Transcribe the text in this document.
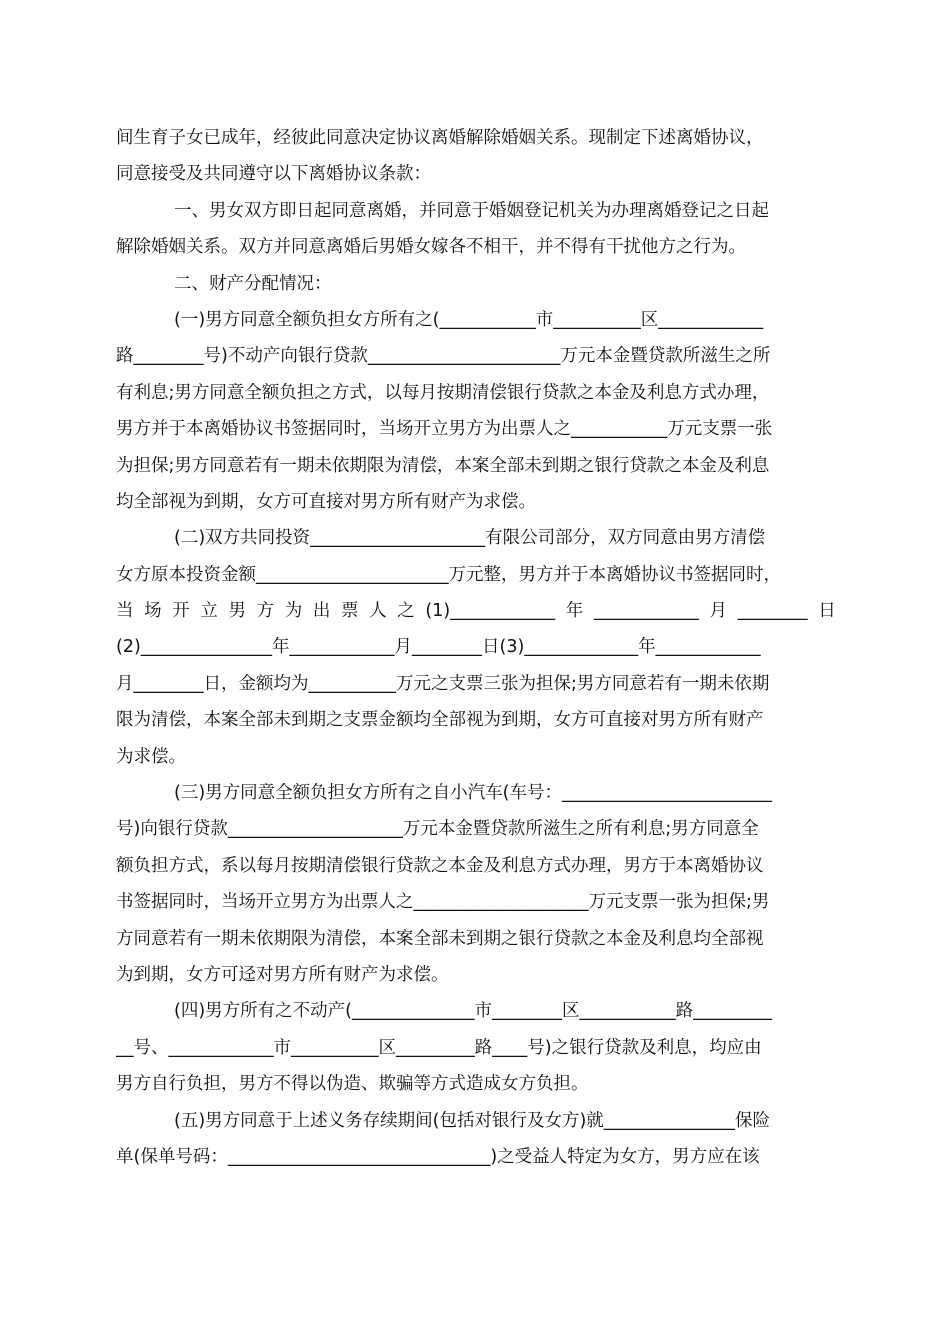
间生育子女已成年，经彼此同意决定协议离婚解除婚姻关系。现制定下述离婚协议，
同意接受及共同遵守以下离婚协议条款：
一、男女双方即日起同意离婚，并同意于婚姻登记机关为办理离婚登记之日起
解除婚姻关系。双方并同意离婚后男婚女嫁各不相干，并不得有干扰他方之行为。
二、财产分配情况：
(一)男方同意全额负担女方所有之(___________市__________区____________
路________号)不动产向银行贷款______________________万元本金暨贷款所滋生之所
有利息;男方同意全额负担之方式，以每月按期清偿银行贷款之本金及利息方式办理，
男方并于本离婚协议书签据同时，当场开立男方为出票人之___________万元支票一张
为担保;男方同意若有一期未依期限为清偿，本案全部未到期之银行贷款之本金及利息
均全部视为到期，女方可直接对男方所有财产为求偿。
(二)双方共同投资____________________有限公司部分，双方同意由男方清偿
女方原本投资金额______________________万元整，男方并于本离婚协议书签据同时，
当 场 开 立 男 方 为 出 票 人 之 (1)____________ 年 ____________ 月 ________ 日
(2)_______________年____________月________日(3)_____________年____________
月________日，金额均为__________万元之支票三张为担保;男方同意若有一期未依期
限为清偿，本案全部未到期之支票金额均全部视为到期，女方可直接对男方所有财产
为求偿。
(三)男方同意全额负担女方所有之自小汽车(车号：________________________
号)向银行贷款____________________万元本金暨贷款所滋生之所有利息;男方同意全
额负担方式，系以每月按期清偿银行贷款之本金及利息方式办理，男方于本离婚协议
书签据同时，当场开立男方为出票人之____________________万元支票一张为担保;男
方同意若有一期未依期限为清偿，本案全部未到期之银行贷款之本金及利息均全部视
为到期，女方可迳对男方所有财产为求偿。
(四)男方所有之不动产(______________市________区___________路_________
__号、____________市__________区_________路____号)之银行贷款及利息，均应由
男方自行负担，男方不得以伪造、欺骗等方式造成女方负担。
(五)男方同意于上述义务存续期间(包括对银行及女方)就_______________保险
单(保单号码：______________________________)之受益人特定为女方，男方应在该
